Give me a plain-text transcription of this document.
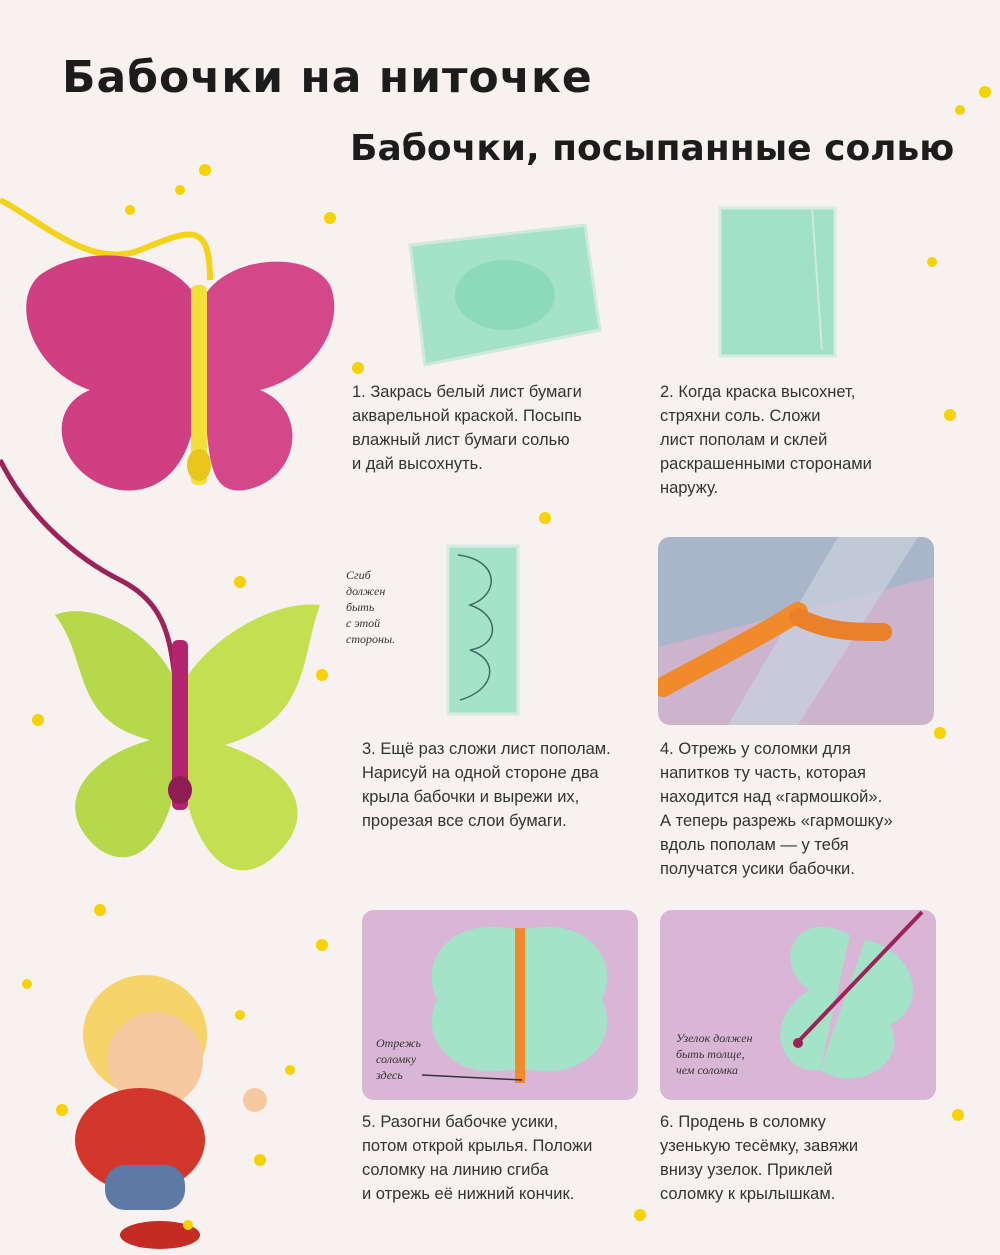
Бабочки на ниточке
Бабочки, посыпанные солью
1. Закрась белый лист бумаги
акварельной краской. Посыпь
влажный лист бумаги солью
и дай высохнуть.
2. Когда краска высохнет,
стряхни соль. Сложи
лист пополам и склей
раскрашенными сторонами
наружу.
Сгиб
должен
быть
с этой
стороны.
3. Ещё раз сложи лист пополам.
Нарисуй на одной стороне два
крыла бабочки и вырежи их,
прорезая все слои бумаги.
4. Отрежь у соломки для
напитков ту часть, которая
находится над «гармошкой».
А теперь разрежь «гармошку»
вдоль пополам — у тебя
получатся усики бабочки.
Отрежь
соломку
здесь
Узелок должен
быть толще,
чем соломка
5. Разогни бабочке усики,
потом открой крылья. Положи
соломку на линию сгиба
и отрежь её нижний кончик.
6. Продень в соломку
узенькую тесёмку, завяжи
внизу узелок. Приклей
соломку к крылышкам.
